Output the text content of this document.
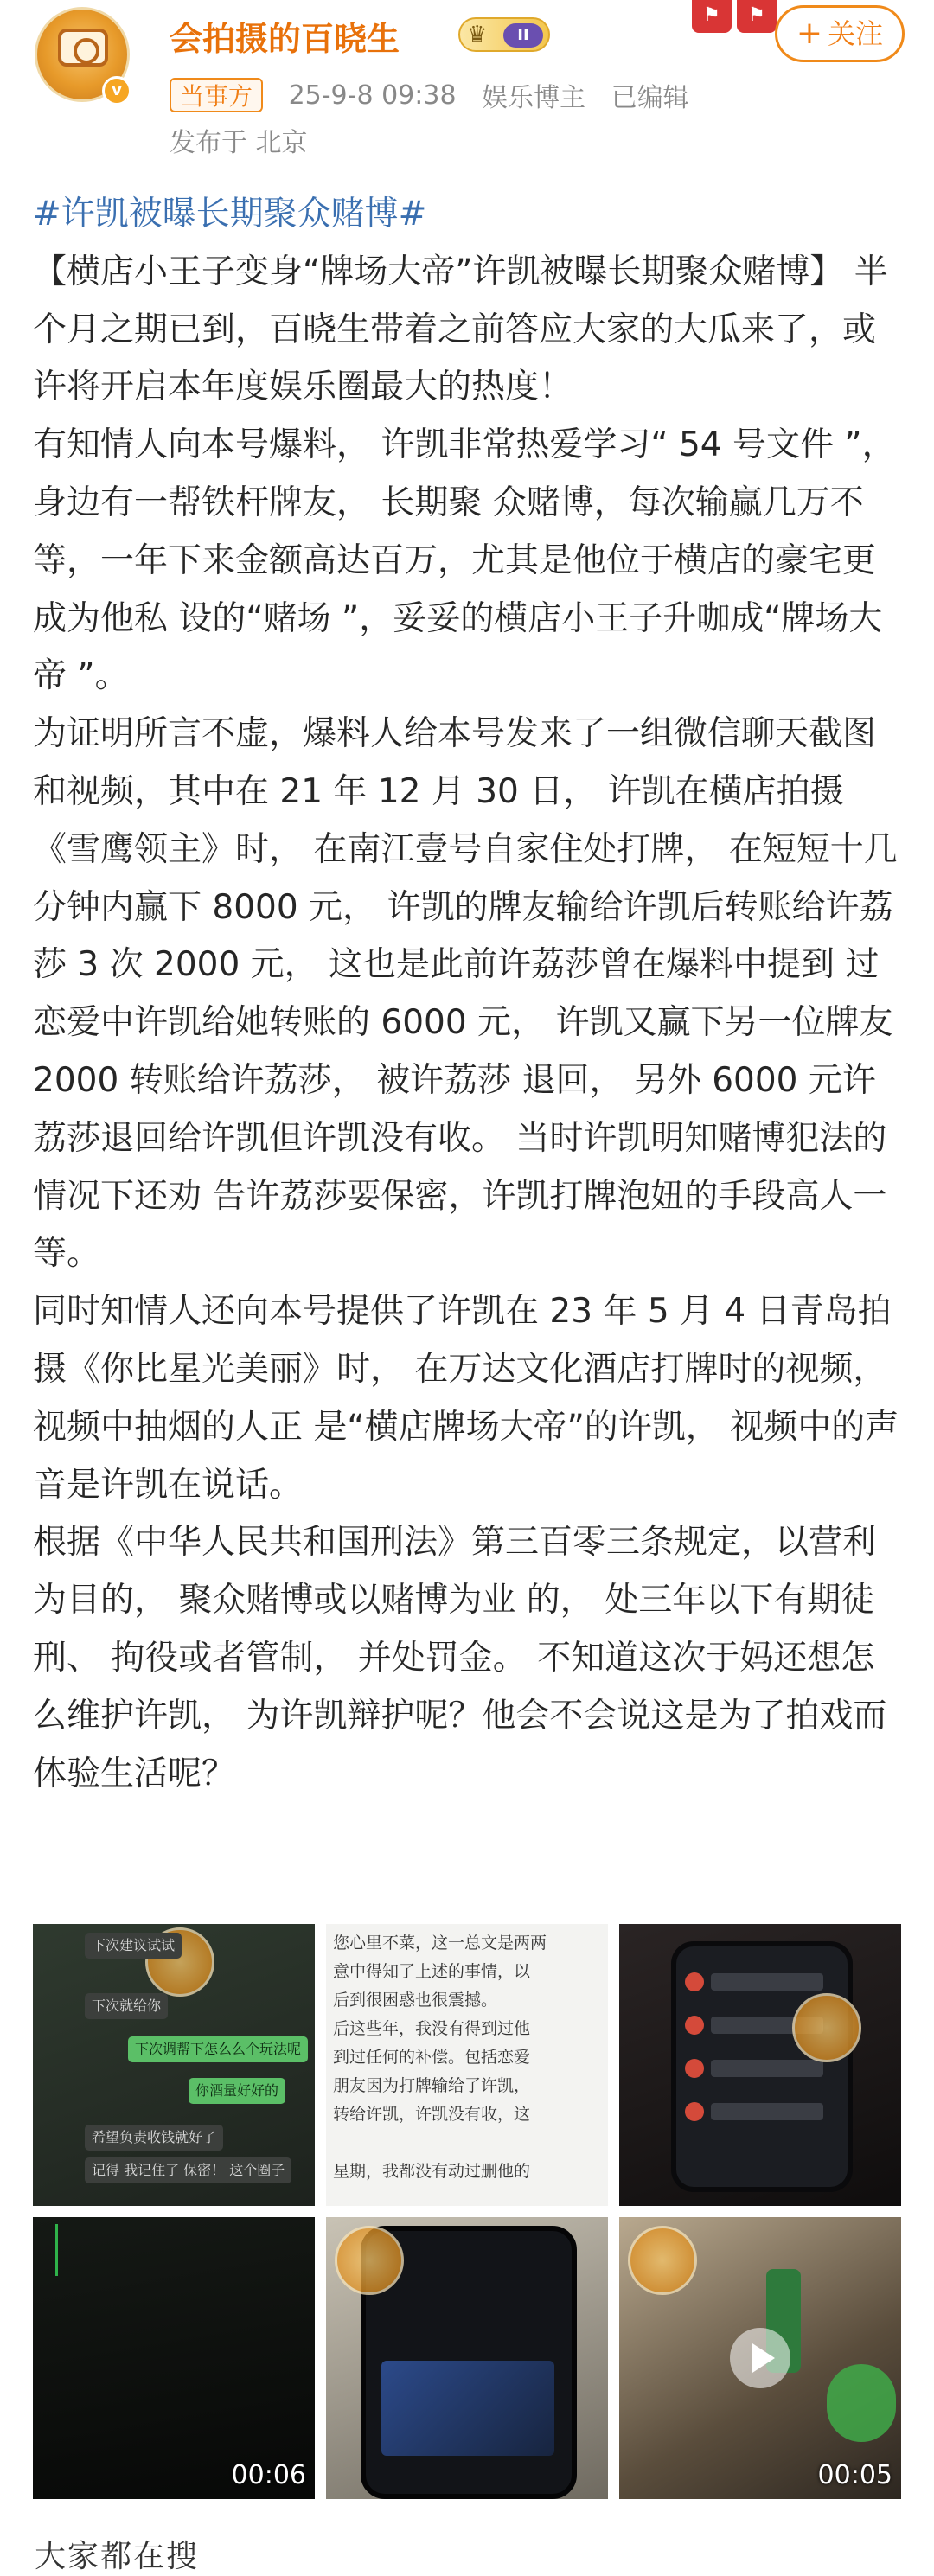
v
会拍摄的百晓生	♛	II
⚑	⚑
+ 关注
当事方 25-9-8 09:38 娱乐博主 已编辑
发布于 北京

#许凯被曝长期聚众赌博#

【横店小王子变身“牌场大帝”许凯被曝长期聚众赌博】 半个月之期已到，百晓生带着之前答应大家的大瓜来了，或许将开启本年度娱乐圈最大的热度！

有知情人向本号爆料， 许凯非常热爱学习“ 54 号文件 ”， 身边有一帮铁杆牌友， 长期聚 众赌博，每次输赢几万不等，一年下来金额高达百万，尤其是他位于横店的豪宅更成为他私 设的“赌场 ”，妥妥的横店小王子升咖成“牌场大帝 ”。

为证明所言不虚，爆料人给本号发来了一组微信聊天截图和视频，其中在 21 年 12 月 30 日， 许凯在横店拍摄《雪鹰领主》时， 在南江壹号自家住处打牌， 在短短十几分钟内赢下 8000 元， 许凯的牌友输给许凯后转账给许荔莎 3 次 2000 元， 这也是此前许荔莎曾在爆料中提到 过恋爱中许凯给她转账的 6000 元， 许凯又赢下另一位牌友 2000 转账给许荔莎， 被许荔莎 退回， 另外 6000 元许荔莎退回给许凯但许凯没有收。 当时许凯明知赌博犯法的情况下还劝 告许荔莎要保密，许凯打牌泡妞的手段高人一等。

同时知情人还向本号提供了许凯在 23 年 5 月 4 日青岛拍摄《你比星光美丽》时， 在万达文化酒店打牌时的视频， 视频中抽烟的人正 是“横店牌场大帝”的许凯， 视频中的声音是许凯在说话。

根据《中华人民共和国刑法》第三百零三条规定，以营利为目的， 聚众赌博或以赌博为业 的， 处三年以下有期徒刑、 拘役或者管制， 并处罚金。 不知道这次于妈还想怎么维护许凯， 为许凯辩护呢？他会不会说这是为了拍戏而体验生活呢？

下次建议试试
下次就给你
下次调帮下怎么么个玩法呢
你酒量好好的
希望负责收钱就好了
记得 我记住了 保密！ 这个圈子
您心里不菜，这一总文是两两
意中得知了上述的事情，以
后到很困惑也很震撼。
后这些年，我没有得到过他
到过任何的补偿。包括恋爱
朋友因为打牌输给了许凯，
转给许凯，许凯没有收，这
星期，我都没有动过删他的
00:06	00:05
大家都在搜
